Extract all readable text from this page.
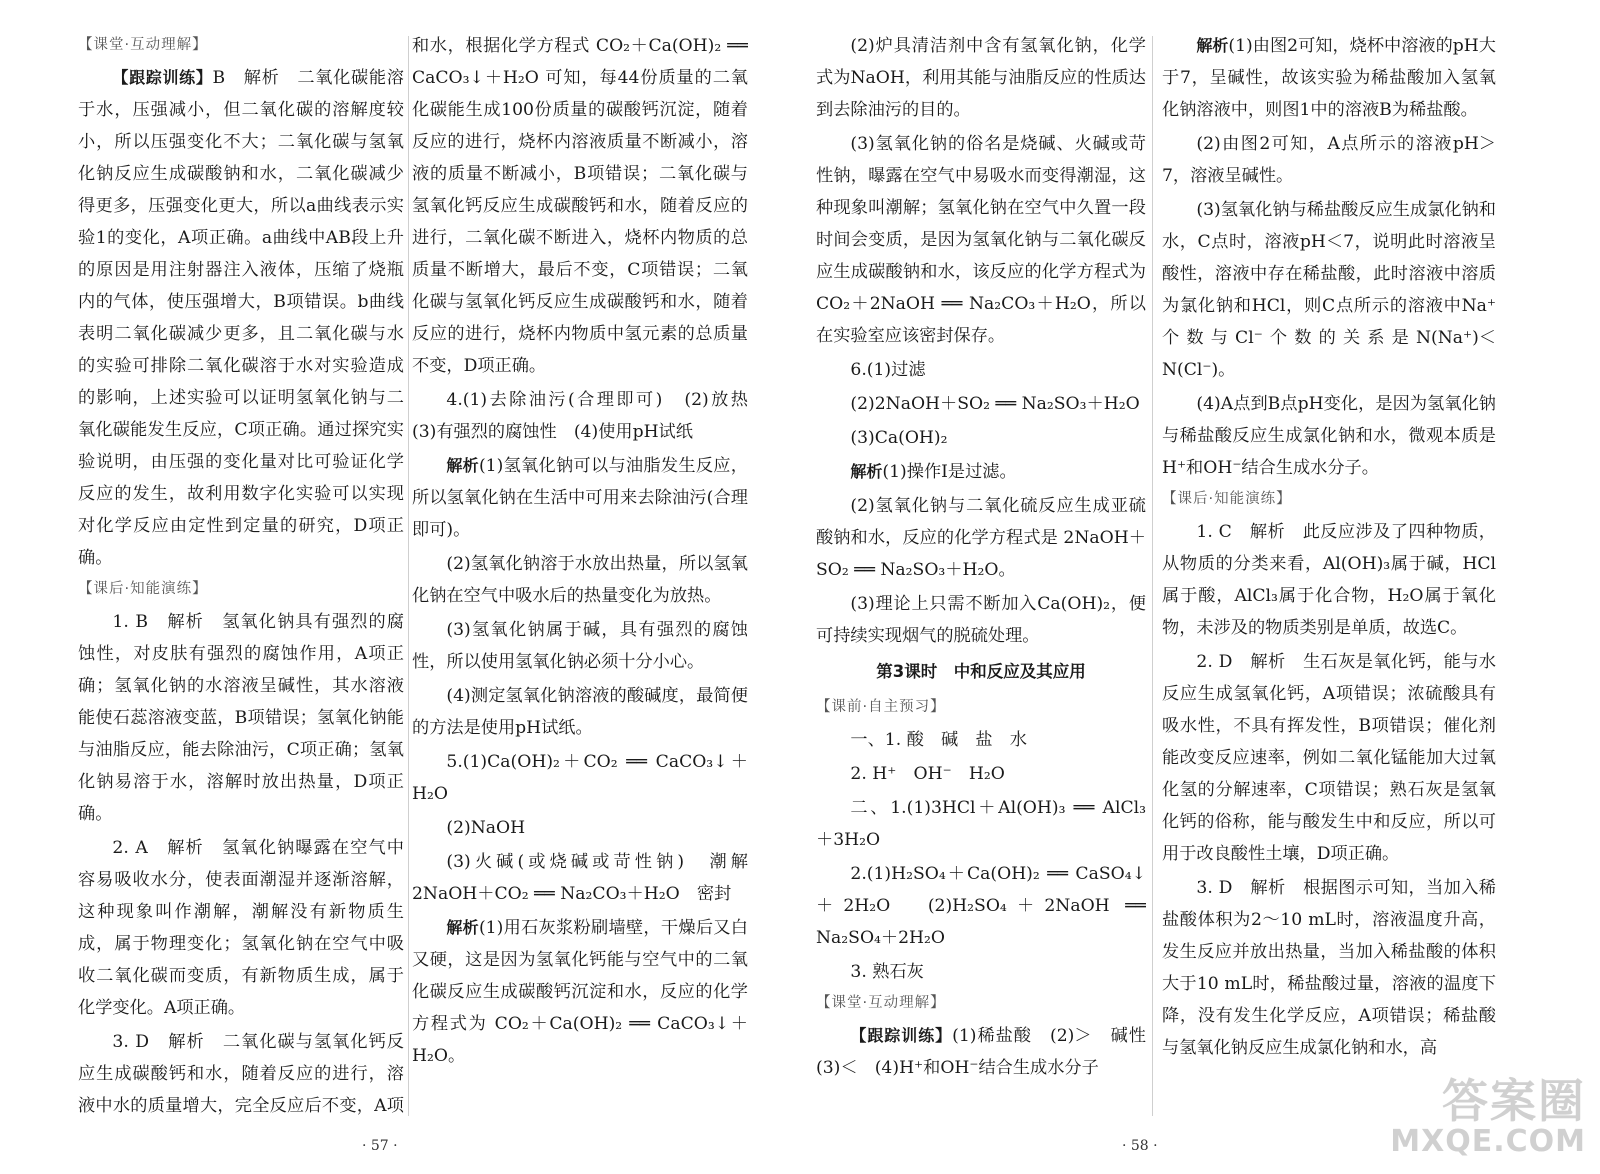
【课堂·互动理解】

【跟踪训练】B　解析　二氧化碳能溶于水，压强减小，但二氧化碳的溶解度较小，所以压强变化不大；二氧化碳与氢氧化钠反应生成碳酸钠和水，二氧化碳减少得更多，压强变化更大，所以a曲线表示实验1的变化，A项正确。a曲线中AB段上升的原因是用注射器注入液体，压缩了烧瓶内的气体，使压强增大，B项错误。b曲线表明二氧化碳减少更多，且二氧化碳与水的实验可排除二氧化碳溶于水对实验造成的影响，上述实验可以证明氢氧化钠与二氧化碳能发生反应，C项正确。通过探究实验说明，由压强的变化量对比可验证化学反应的发生，故利用数字化实验可以实现对化学反应由定性到定量的研究，D项正确。

【课后·知能演练】

1. B　解析　氢氧化钠具有强烈的腐蚀性，对皮肤有强烈的腐蚀作用，A项正确；氢氧化钠的水溶液呈碱性，其水溶液能使石蕊溶液变蓝，B项错误；氢氧化钠能与油脂反应，能去除油污，C项正确；氢氧化钠易溶于水，溶解时放出热量，D项正确。

2. A　解析　氢氧化钠曝露在空气中容易吸收水分，使表面潮湿并逐渐溶解，这种现象叫作潮解，潮解没有新物质生成，属于物理变化；氢氧化钠在空气中吸收二氧化碳而变质，有新物质生成，属于化学变化。A项正确。

3. D　解析　二氧化碳与氢氧化钙反应生成碳酸钙和水，随着反应的进行，溶液中水的质量增大，完全反应后不变，A项

和水，根据化学方程式 CO₂＋Ca(OH)₂ ══ CaCO₃↓＋H₂O 可知，每44份质量的二氧化碳能生成100份质量的碳酸钙沉淀，随着反应的进行，烧杯内溶液质量不断减小，溶液的质量不断减小，B项错误；二氧化碳与氢氧化钙反应生成碳酸钙和水，随着反应的进行，二氧化碳不断进入，烧杯内物质的总质量不断增大，最后不变，C项错误；二氧化碳与氢氧化钙反应生成碳酸钙和水，随着反应的进行，烧杯内物质中氢元素的总质量不变，D项正确。

4.(1)去除油污(合理即可)　(2)放热　(3)有强烈的腐蚀性　(4)使用pH试纸

解析(1)氢氧化钠可以与油脂发生反应，所以氢氧化钠在生活中可用来去除油污(合理即可)。

(2)氢氧化钠溶于水放出热量，所以氢氧化钠在空气中吸水后的热量变化为放热。

(3)氢氧化钠属于碱，具有强烈的腐蚀性，所以使用氢氧化钠必须十分小心。

(4)测定氢氧化钠溶液的酸碱度，最简便的方法是使用pH试纸。

5.(1)Ca(OH)₂＋CO₂ ══ CaCO₃↓＋H₂O

(2)NaOH

(3)火碱(或烧碱或苛性钠)　潮解　2NaOH＋CO₂ ══ Na₂CO₃＋H₂O　密封

解析(1)用石灰浆粉刷墙壁，干燥后又白又硬，这是因为氢氧化钙能与空气中的二氧化碳反应生成碳酸钙沉淀和水，反应的化学方程式为 CO₂＋Ca(OH)₂ ══ CaCO₃↓＋H₂O。

· 57 ·

(2)炉具清洁剂中含有氢氧化钠，化学式为NaOH，利用其能与油脂反应的性质达到去除油污的目的。

(3)氢氧化钠的俗名是烧碱、火碱或苛性钠，曝露在空气中易吸水而变得潮湿，这种现象叫潮解；氢氧化钠在空气中久置一段时间会变质，是因为氢氧化钠与二氧化碳反应生成碳酸钠和水，该反应的化学方程式为 CO₂＋2NaOH ══ Na₂CO₃＋H₂O，所以在实验室应该密封保存。

6.(1)过滤

(2)2NaOH＋SO₂ ══ Na₂SO₃＋H₂O

(3)Ca(OH)₂

解析(1)操作Ⅰ是过滤。

(2)氢氧化钠与二氧化硫反应生成亚硫酸钠和水，反应的化学方程式是 2NaOH＋SO₂ ══ Na₂SO₃＋H₂O。

(3)理论上只需不断加入Ca(OH)₂，便可持续实现烟气的脱硫处理。

第3课时　中和反应及其应用

【课前·自主预习】

一、1. 酸　碱　盐　水

2. H⁺　OH⁻　H₂O

二、1.(1)3HCl＋Al(OH)₃ ══ AlCl₃＋3H₂O

2.(1)H₂SO₄＋Ca(OH)₂ ══ CaSO₄↓＋2H₂O　(2)H₂SO₄＋2NaOH ══ Na₂SO₄＋2H₂O

3. 熟石灰

【课堂·互动理解】

【跟踪训练】(1)稀盐酸　(2)＞　碱性　(3)＜　(4)H⁺和OH⁻结合生成水分子

解析(1)由图2可知，烧杯中溶液的pH大于7，呈碱性，故该实验为稀盐酸加入氢氧化钠溶液中，则图1中的溶液B为稀盐酸。

(2)由图2可知，A点所示的溶液pH＞7，溶液呈碱性。

(3)氢氧化钠与稀盐酸反应生成氯化钠和水，C点时，溶液pH＜7，说明此时溶液呈酸性，溶液中存在稀盐酸，此时溶液中溶质为氯化钠和HCl，则C点所示的溶液中Na⁺个数与Cl⁻个数的关系是N(Na⁺)＜N(Cl⁻)。

(4)A点到B点pH变化，是因为氢氧化钠与稀盐酸反应生成氯化钠和水，微观本质是H⁺和OH⁻结合生成水分子。

【课后·知能演练】

1. C　解析　此反应涉及了四种物质，从物质的分类来看，Al(OH)₃属于碱，HCl属于酸，AlCl₃属于化合物，H₂O属于氧化物，未涉及的物质类别是单质，故选C。

2. D　解析　生石灰是氧化钙，能与水反应生成氢氧化钙，A项错误；浓硫酸具有吸水性，不具有挥发性，B项错误；催化剂能改变反应速率，例如二氧化锰能加大过氧化氢的分解速率，C项错误；熟石灰是氢氧化钙的俗称，能与酸发生中和反应，所以可用于改良酸性土壤，D项正确。

3. D　解析　根据图示可知，当加入稀盐酸体积为2～10 mL时，溶液温度升高，发生反应并放出热量，当加入稀盐酸的体积大于10 mL时，稀盐酸过量，溶液的温度下降，没有发生化学反应，A项错误；稀盐酸与氢氧化钠反应生成氯化钠和水，高

· 58 ·
答案圈
MXQE.COM
